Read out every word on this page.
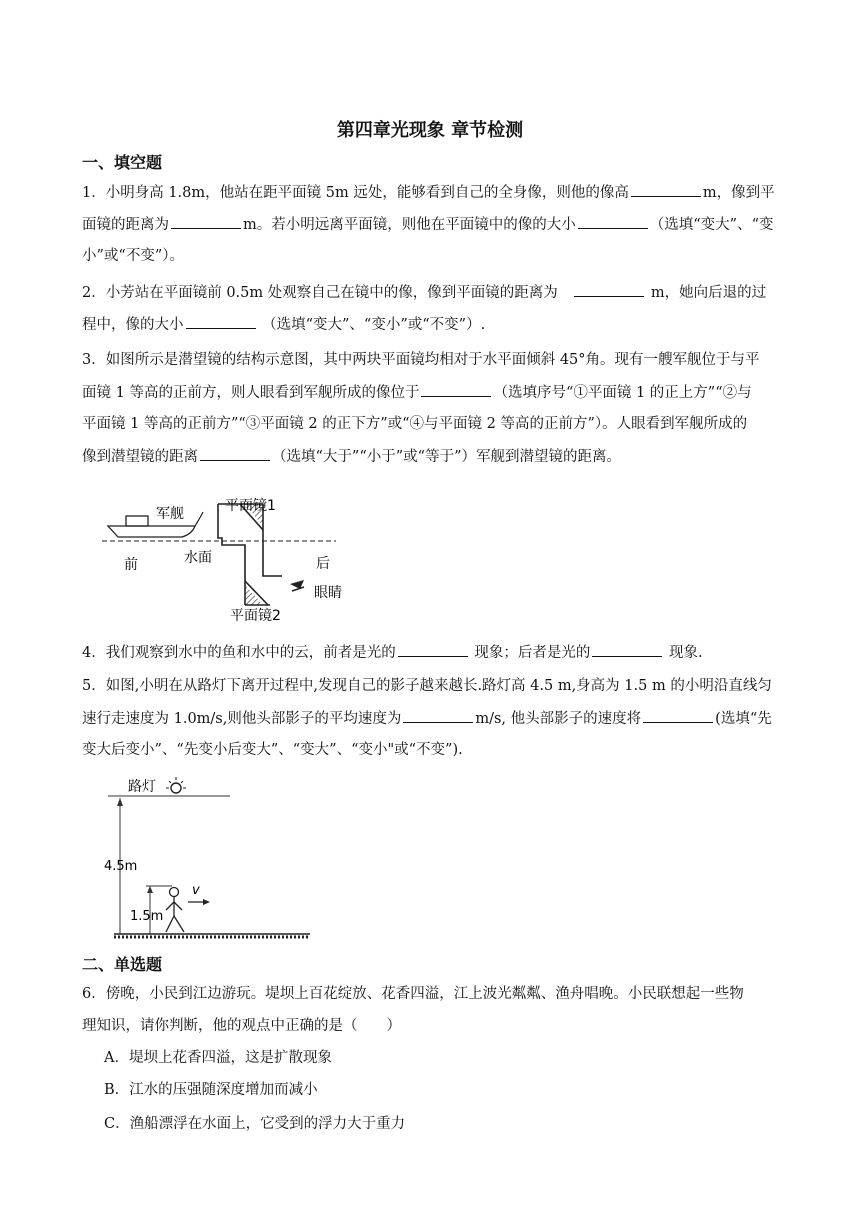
第四章光现象 章节检测
一、填空题
1．小明身高 1.8m，他站在距平面镜 5m 远处，能够看到自己的全身像，则他的像高	m，像到平
面镜的距离为	m。若小明远离平面镜，则他在平面镜中的像的大小	（选填“变大”、“变
小”或“不变”）。
2．小芳站在平面镜前 0.5m 处观察自己在镜中的像，像到平面镜的距离为　	m，她向后退的过
程中，像的大小	（选填“变大”、“变小”或“不变”）.
3．如图所示是潜望镜的结构示意图，其中两块平面镜均相对于水平面倾斜 45°角。现有一艘军舰位于与平
面镜 1 等高的正前方，则人眼看到军舰所成的像位于	（选填序号“①平面镜 1 的正上方”“②与
平面镜 1 等高的正前方”“③平面镜 2 的正下方”或“④与平面镜 2 等高的正前方”）。人眼看到军舰所成的
像到潜望镜的距离	（选填“大于”“小于”或“等于”）军舰到潜望镜的距离。
军舰	平面镜1
前	水面	后
眼睛
平面镜2
4．我们观察到水中的鱼和水中的云，前者是光的	现象；后者是光的	现象.
5．如图,小明在从路灯下离开过程中,发现自己的影子越来越长.路灯高 4.5 m,身高为 1.5 m 的小明沿直线匀
速行走速度为 1.0m/s,则他头部影子的平均速度为	m/s, 他头部影子的速度将	(选填“先
变大后变小”、“先变小后变大”、“变大”、“变小"或“不变”).
路灯
4.5m
1.5m
v
二、单选题
6．傍晚，小民到江边游玩。堤坝上百花绽放、花香四溢，江上波光粼粼、渔舟唱晚。小民联想起一些物
理知识，请你判断，他的观点中正确的是（　　）
A．堤坝上花香四溢，这是扩散现象
B．江水的压强随深度增加而减小
C．渔船漂浮在水面上，它受到的浮力大于重力
